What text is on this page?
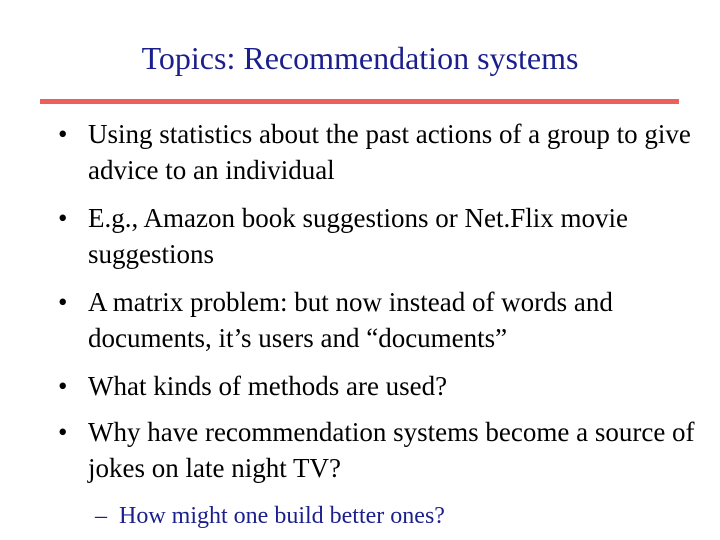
Topics: Recommendation systems
• Using statistics about the past actions of a group to give advice to an individual
• E.g., Amazon book suggestions or Net.Flix movie suggestions
• A matrix problem: but now instead of words and documents, it’s users and “documents”
• What kinds of methods are used?
• Why have recommendation systems become a source of jokes on late night TV?
– How might one build better ones?
